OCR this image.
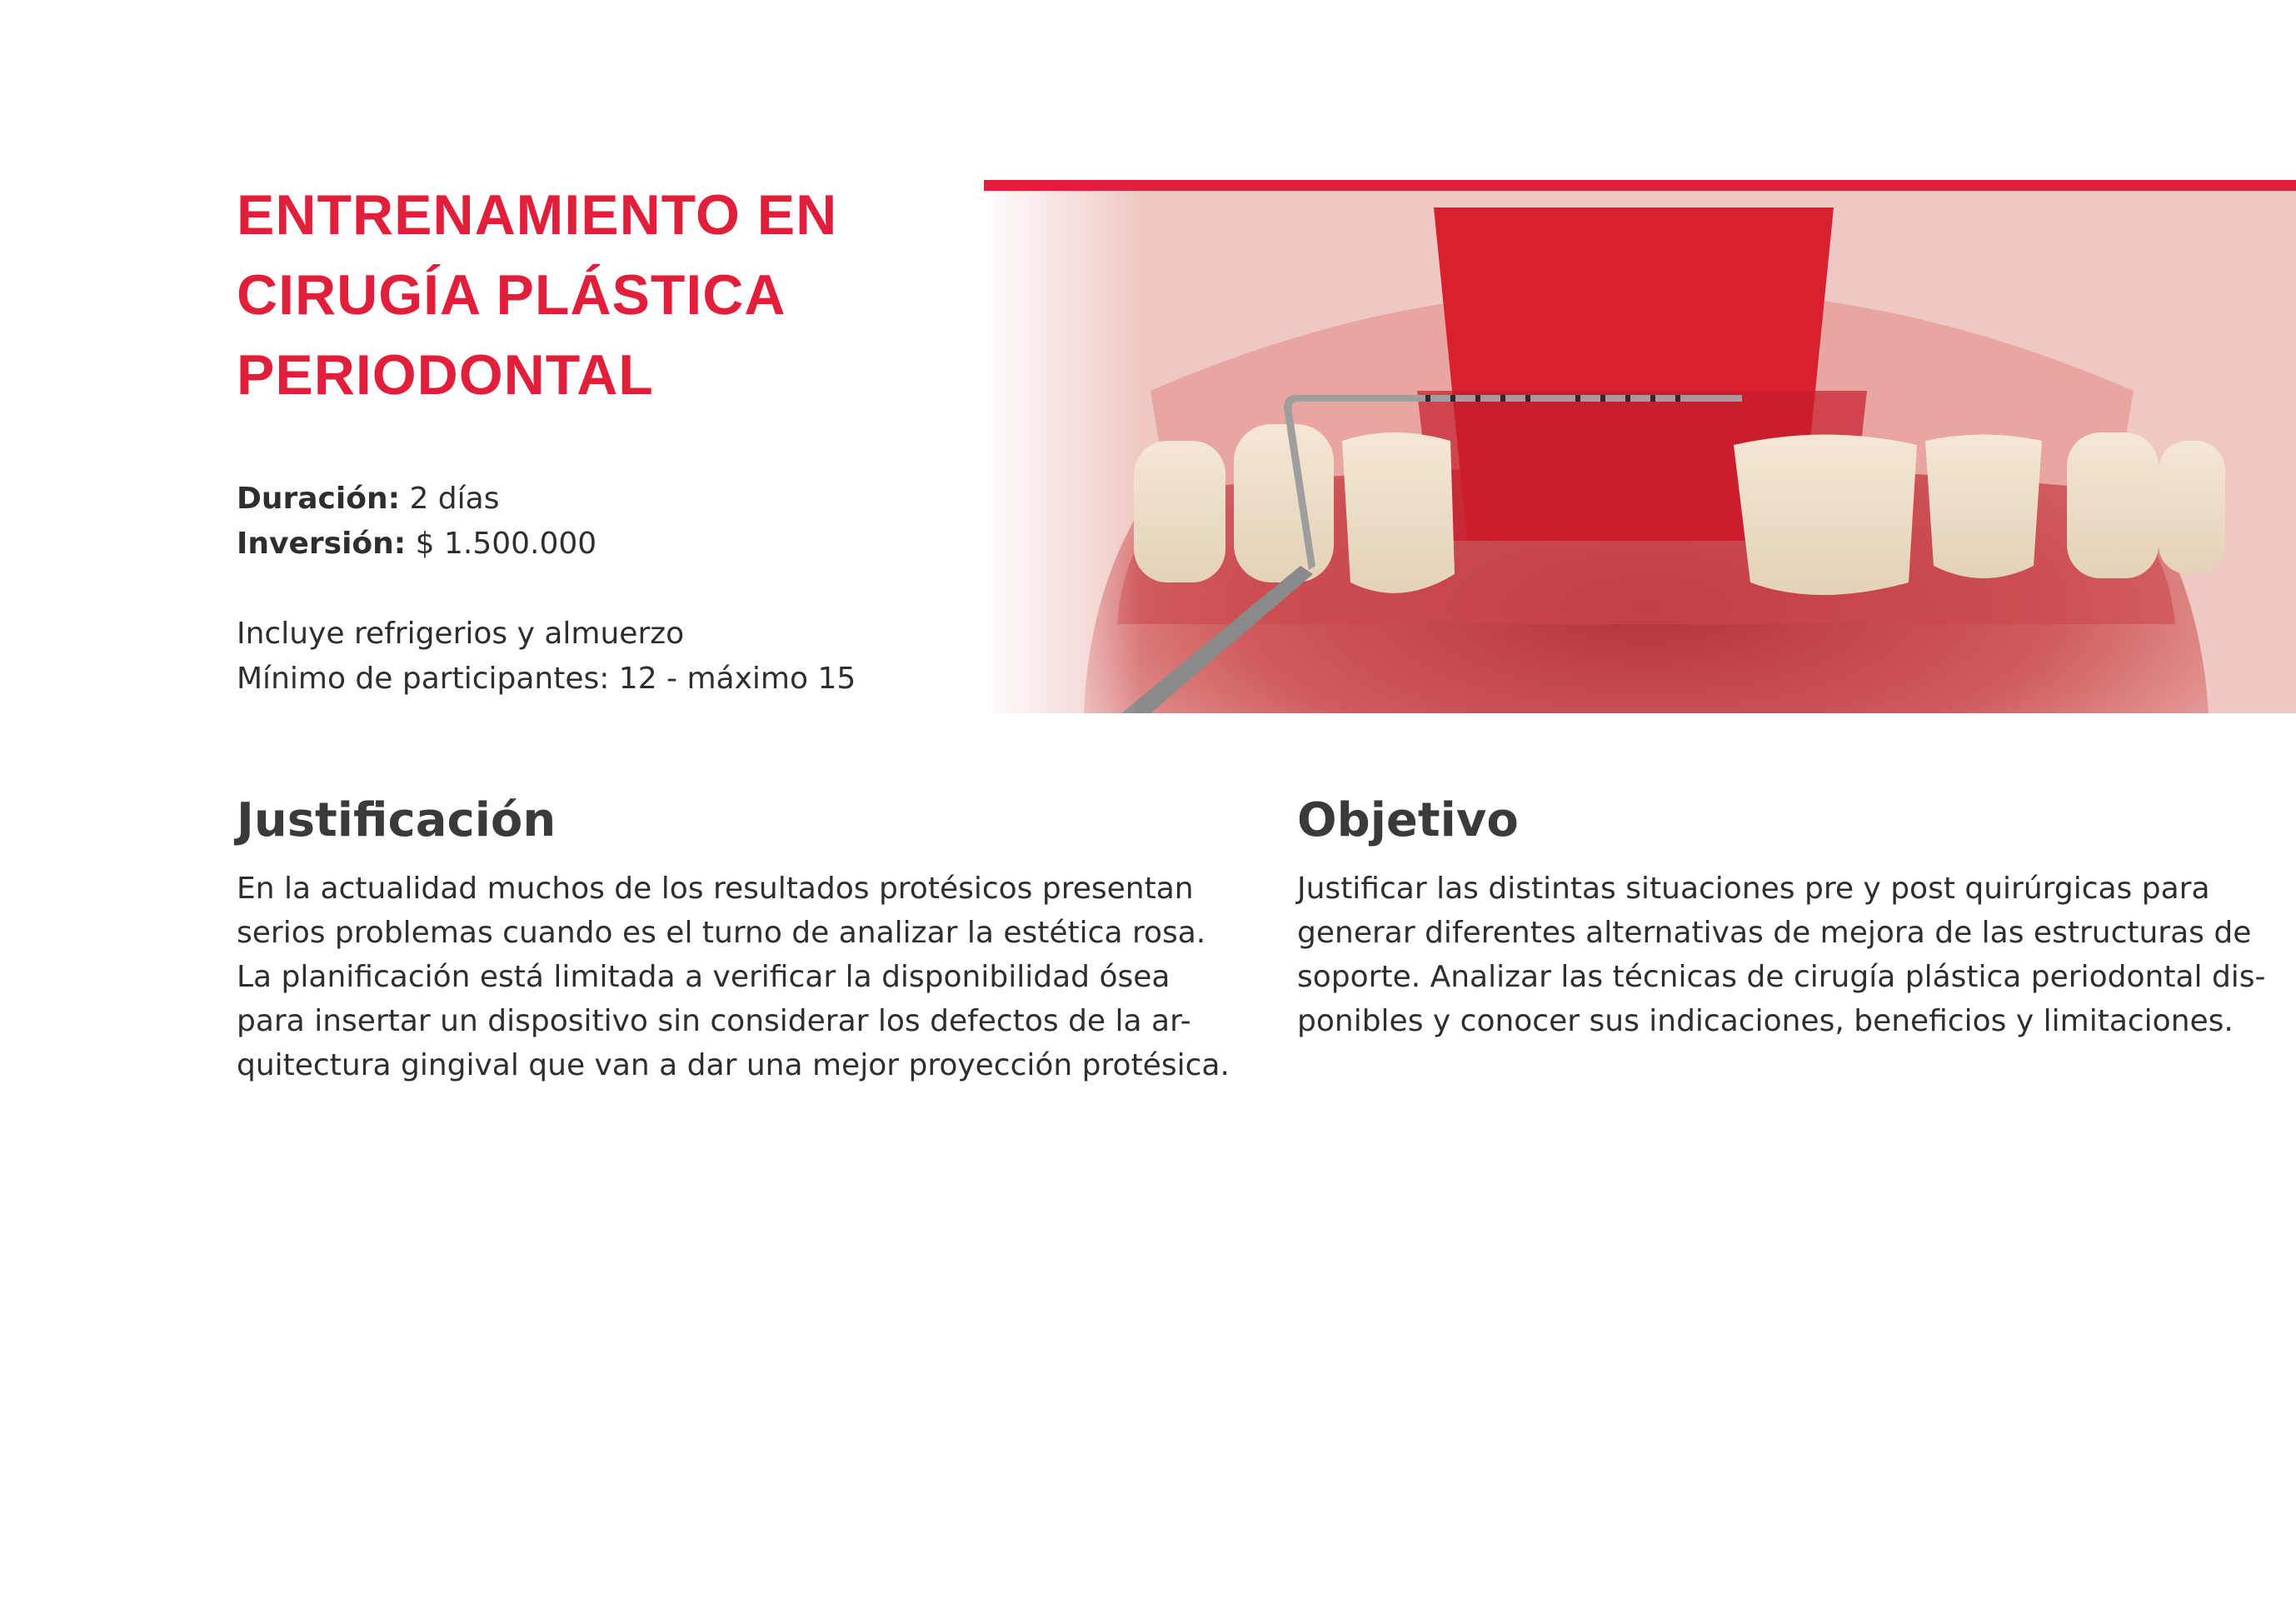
ENTRENAMIENTO EN
CIRUGÍA PLÁSTICA
PERIODONTAL
Duración: 2 días
Inversión: $ 1.500.000
Incluye refrigerios y almuerzo
Mínimo de participantes: 12 - máximo 15
Justificación
En la actualidad muchos de los resultados protésicos presentan
serios problemas cuando es el turno de analizar la estética rosa.
La planificación está limitada a verificar la disponibilidad ósea
para insertar un dispositivo sin considerar los defectos de la ar-
quitectura gingival que van a dar una mejor proyección protésica.
Objetivo
Justificar las distintas situaciones pre y post quirúrgicas para
generar diferentes alternativas de mejora de las estructuras de
soporte. Analizar las técnicas de cirugía plástica periodontal dis-
ponibles y conocer sus indicaciones, beneficios y limitaciones.
